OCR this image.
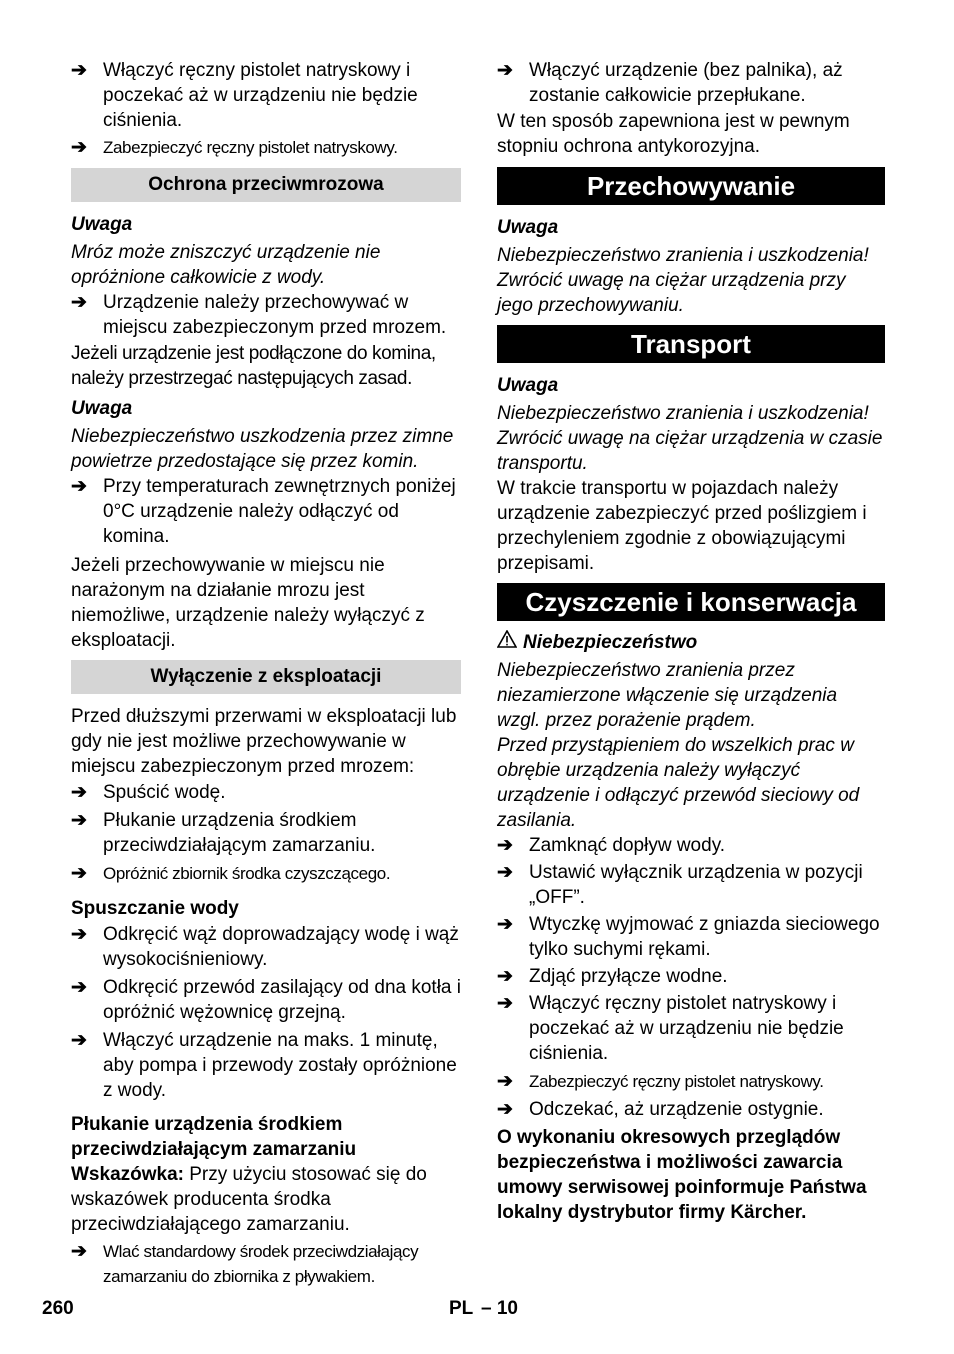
➔ Włączyć ręczny pistolet natryskowy i poczekać aż w urządzeniu nie będzie ciśnienia.
➔ Zabezpieczyć ręczny pistolet natryskowy.
Ochrona przeciwmrozowa

Uwaga

Mróz może zniszczyć urządzenie nie opróżnione całkowicie z wody.

➔ Urządzenie należy przechowywać w miejscu zabezpieczonym przed mrozem.

Jeżeli urządzenie jest podłączone do komina, należy przestrzegać następujących zasad.

Uwaga

Niebezpieczeństwo uszkodzenia przez zimne powietrze przedostające się przez komin.

➔ Przy temperaturach zewnętrznych poniżej 0°C urządzenie należy odłączyć od komina.

Jeżeli przechowywanie w miejscu nie narażonym na działanie mrozu jest niemożliwe, urządzenie należy wyłączyć z eksploatacji.

Wyłączenie z eksploatacji

Przed dłuższymi przerwami w eksploatacji lub gdy nie jest możliwe przechowywanie w miejscu zabezpieczonym przed mrozem:

➔ Spuścić wodę.
➔ Płukanie urządzenia środkiem przeciwdziałającym zamarzaniu.
➔ Opróżnić zbiornik środka czyszczącego.

Spuszczanie wody

➔ Odkręcić wąż doprowadzający wodę i wąż wysokociśnieniowy.
➔ Odkręcić przewód zasilający od dna kotła i opróżnić wężownicę grzejną.
➔ Włączyć urządzenie na maks. 1 minutę, aby pompa i przewody zostały opróżnione z wody.

Płukanie urządzenia środkiem przeciwdziałającym zamarzaniu

Wskazówka: Przy użyciu stosować się do wskazówek producenta środka przeciwdziałającego zamarzaniu.

➔ Wlać standardowy środek przeciwdziałający zamarzaniu do zbiornika z pływakiem.
➔ Włączyć urządzenie (bez palnika), aż zostanie całkowicie przepłukane.

W ten sposób zapewniona jest w pewnym stopniu ochrona antykorozyjna.

Przechowywanie

Uwaga

Niebezpieczeństwo zranienia i uszkodzenia! Zwrócić uwagę na ciężar urządzenia przy jego przechowywaniu.

Transport

Uwaga

Niebezpieczeństwo zranienia i uszkodzenia! Zwrócić uwagę na ciężar urządzenia w czasie transportu.

W trakcie transportu w pojazdach należy urządzenie zabezpieczyć przed poślizgiem i przechyleniem zgodnie z obowiązującymi przepisami.

Czyszczenie i konserwacja

Niebezpieczeństwo

Niebezpieczeństwo zranienia przez niezamierzone włączenie się urządzenia wzgl. przez porażenie prądem.

Przed przystąpieniem do wszelkich prac w obrębie urządzenia należy wyłączyć urządzenie i odłączyć przewód sieciowy od zasilania.

➔ Zamknąć dopływ wody.
➔ Ustawić wyłącznik urządzenia w pozycji „OFF”.
➔ Wtyczkę wyjmować z gniazda sieciowego tylko suchymi rękami.
➔ Zdjąć przyłącze wodne.
➔ Włączyć ręczny pistolet natryskowy i poczekać aż w urządzeniu nie będzie ciśnienia.
➔ Zabezpieczyć ręczny pistolet natryskowy.
➔ Odczekać, aż urządzenie ostygnie.

O wykonaniu okresowych przeglądów bezpieczeństwa i możliwości zawarcia umowy serwisowej poinformuje Państwa lokalny dystrybutor firmy Kärcher.

260	PL – 10
